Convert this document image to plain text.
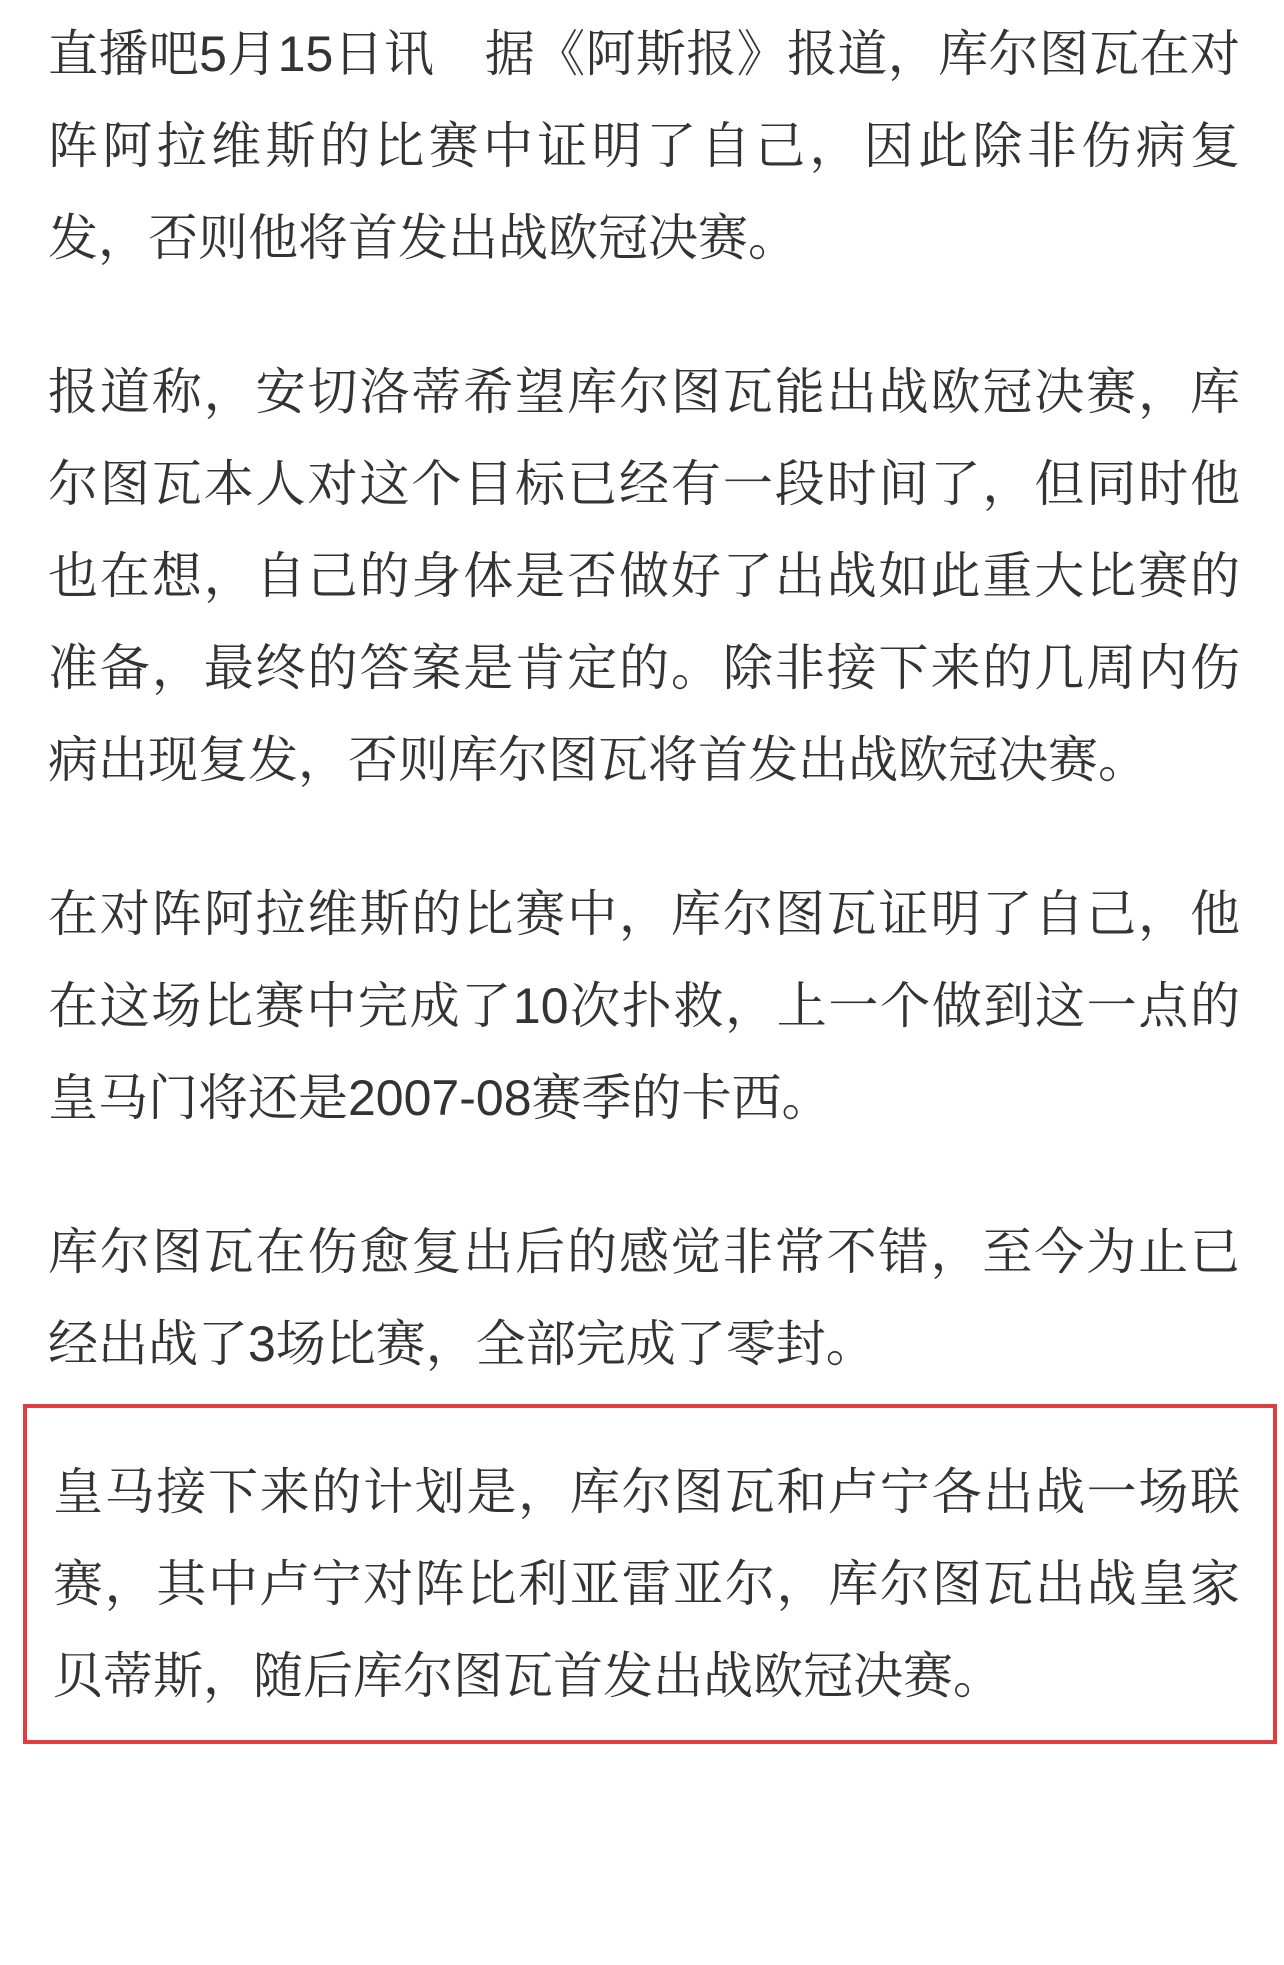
直播吧5月15日讯　据《阿斯报》报道，库尔图瓦在对阵阿拉维斯的比赛中证明了自己，因此除非伤病复发，否则他将首发出战欧冠决赛。

报道称，安切洛蒂希望库尔图瓦能出战欧冠决赛，库尔图瓦本人对这个目标已经有一段时间了，但同时他也在想，自己的身体是否做好了出战如此重大比赛的准备，最终的答案是肯定的。除非接下来的几周内伤病出现复发，否则库尔图瓦将首发出战欧冠决赛。

在对阵阿拉维斯的比赛中，库尔图瓦证明了自己，他在这场比赛中完成了10次扑救，上一个做到这一点的皇马门将还是2007-08赛季的卡西。

库尔图瓦在伤愈复出后的感觉非常不错，至今为止已经出战了3场比赛，全部完成了零封。

皇马接下来的计划是，库尔图瓦和卢宁各出战一场联赛，其中卢宁对阵比利亚雷亚尔，库尔图瓦出战皇家贝蒂斯，随后库尔图瓦首发出战欧冠决赛。
